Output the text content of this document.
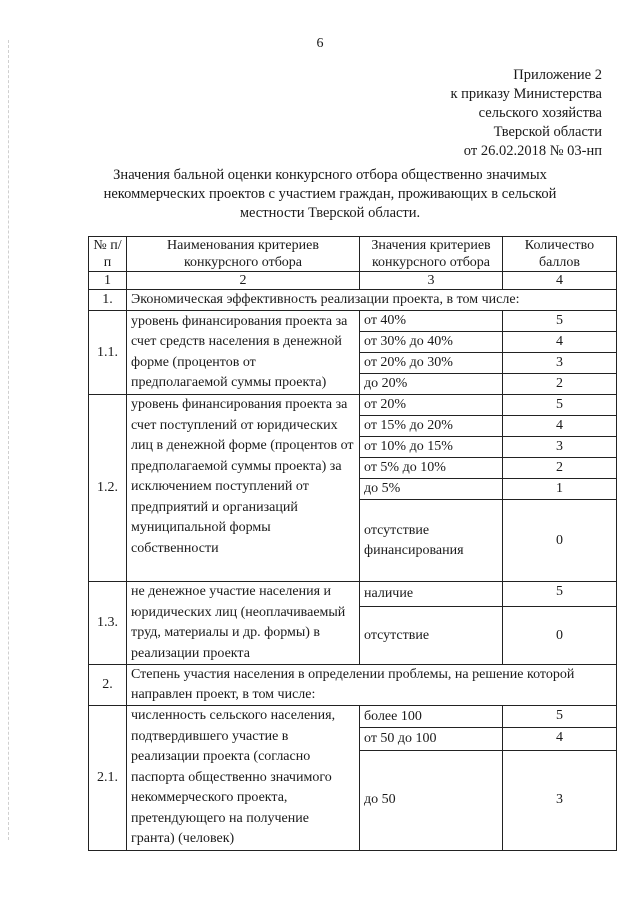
6
Приложение 2
к приказу Министерства
сельского хозяйства
Тверской области
от 26.02.2018 № 03-нп
Значения бальной оценки конкурсного отбора общественно значимых
некоммерческих проектов с участием граждан, проживающих в сельской
местности Тверской области.
№ п/п	Наименования критериев конкурсного отбора	Значения критериев конкурсного отбора	Количество баллов
1	2	3	4
1.	Экономическая эффективность реализации проекта, в том числе:		
1.1.	уровень финансирования проекта за счет средств населения в денежной форме (процентов от предполагаемой суммы проекта)	от 40%	5
		от 30% до 40%	4
		от 20% до 30%	3
		до 20%	2
1.2.	уровень финансирования проекта за счет поступлений от юридических лиц в денежной форме (процентов от предполагаемой суммы проекта) за исключением поступлений от предприятий и организаций муниципальной формы собственности	от 20%	5
		от 15% до 20%	4
		от 10% до 15%	3
		от 5% до 10%	2
		до 5%	1
		отсутствие финансирования	0
1.3.	не денежное участие населения и юридических лиц (неоплачиваемый труд, материалы и др. формы) в реализации проекта	наличие	5
		отсутствие	0
2.	Степень участия населения в определении проблемы, на решение которой направлен проект, в том числе:		
2.1.	численность сельского населения, подтвердившего участие в реализации проекта (согласно паспорта общественно значимого некоммерческого проекта, претендующего на получение гранта) (человек)	более 100	5
		от 50 до 100	4
		до 50	3
